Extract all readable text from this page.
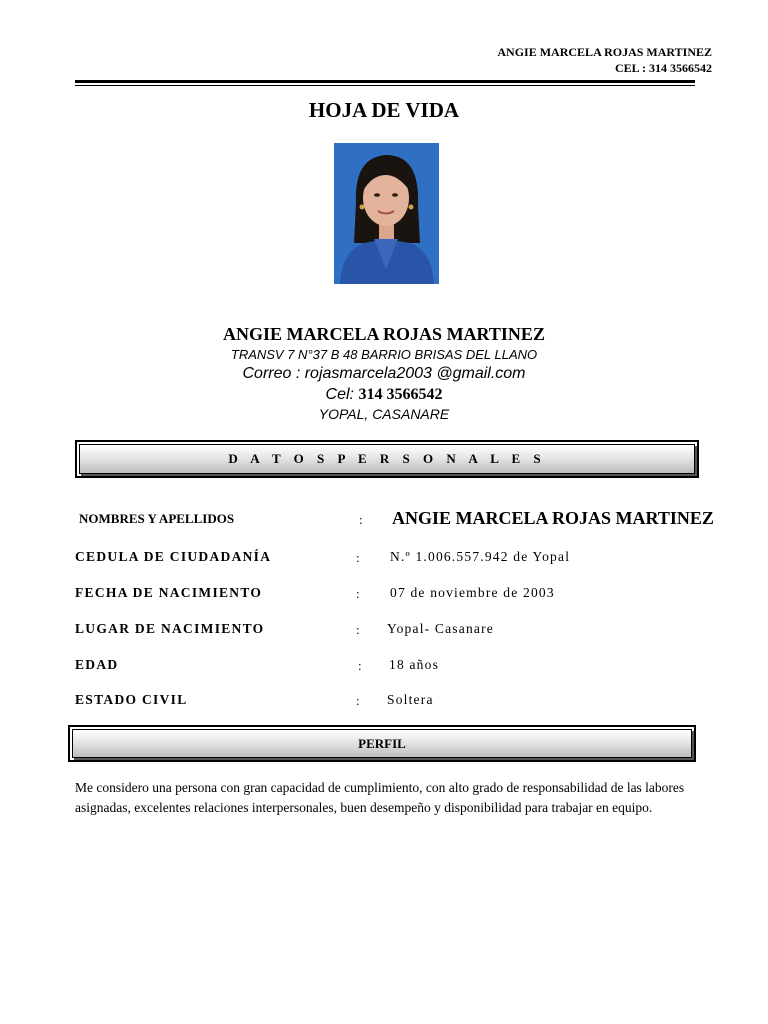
ANGIE MARCELA ROJAS MARTINEZ
CEL : 314 3566542
HOJA DE VIDA
ANGIE MARCELA ROJAS MARTINEZ
TRANSV 7 N°37 B 48 BARRIO BRISAS DEL LLANO
Correo : rojasmarcela2003 @gmail.com
Cel: 314 3566542
YOPAL, CASANARE
D A T O S P E R S O N A L E S
NOMBRES Y APELLIDOS	: ANGIE MARCELA ROJAS MARTINEZ
CEDULA DE CIUDADANÍA	: N.º 1.006.557.942 de Yopal
FECHA DE NACIMIENTO	: 07 de noviembre de 2003
LUGAR DE NACIMIENTO	: Yopal- Casanare
EDAD	: 18 años
ESTADO CIVIL	: Soltera
PERFIL
Me considero una persona con gran capacidad de cumplimiento, con alto grado de responsabilidad de las labores asignadas, excelentes relaciones interpersonales, buen desempeño y disponibilidad para trabajar en equipo.
